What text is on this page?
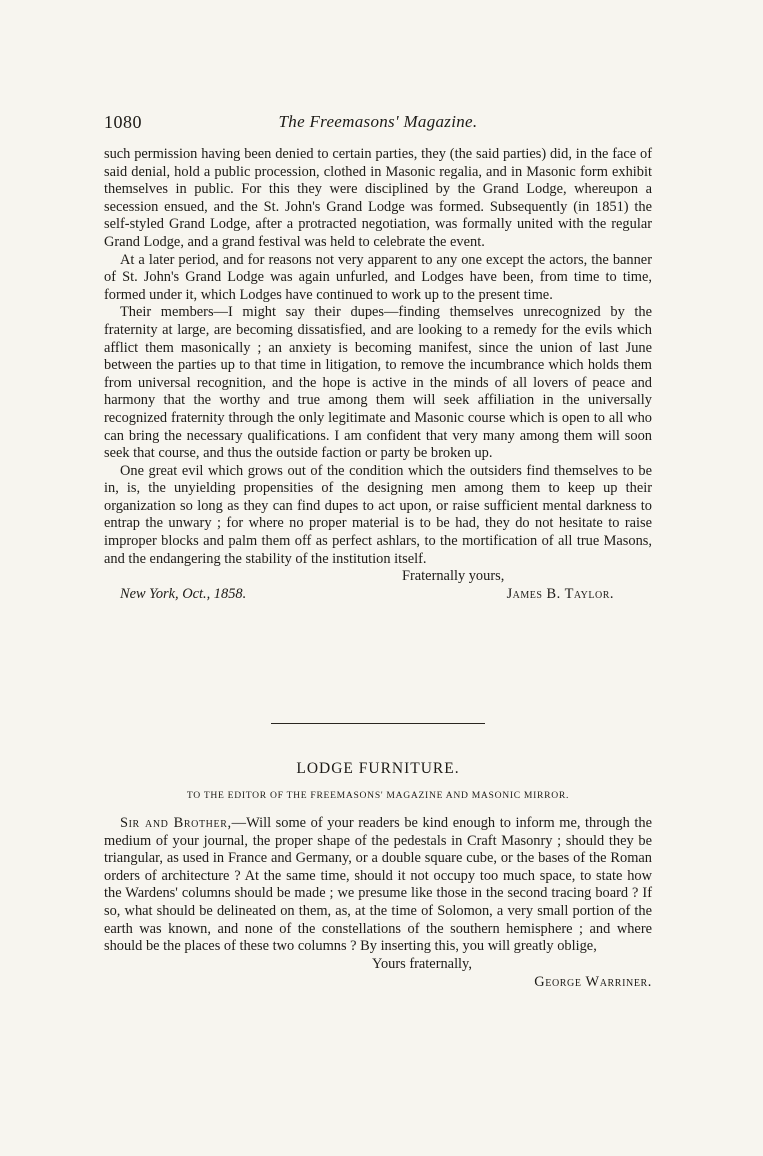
1080	The Freemasons' Magazine.

such permission having been denied to certain parties, they (the said parties) did, in the face of said denial, hold a public procession, clothed in Masonic regalia, and in Masonic form exhibit themselves in public. For this they were disciplined by the Grand Lodge, whereupon a secession ensued, and the St. John's Grand Lodge was formed. Subsequently (in 1851) the self-styled Grand Lodge, after a protracted negotiation, was formally united with the regular Grand Lodge, and a grand festival was held to celebrate the event.

At a later period, and for reasons not very apparent to any one except the actors, the banner of St. John's Grand Lodge was again unfurled, and Lodges have been, from time to time, formed under it, which Lodges have continued to work up to the present time.

Their members—I might say their dupes—finding themselves unrecognized by the fraternity at large, are becoming dissatisfied, and are looking to a remedy for the evils which afflict them masonically ; an anxiety is becoming manifest, since the union of last June between the parties up to that time in litigation, to remove the incumbrance which holds them from universal recognition, and the hope is active in the minds of all lovers of peace and harmony that the worthy and true among them will seek affiliation in the universally recognized fraternity through the only legitimate and Masonic course which is open to all who can bring the necessary qualifications. I am confident that very many among them will soon seek that course, and thus the outside faction or party be broken up.

One great evil which grows out of the condition which the outsiders find themselves to be in, is, the unyielding propensities of the designing men among them to keep up their organization so long as they can find dupes to act upon, or raise sufficient mental darkness to entrap the unwary ; for where no proper material is to be had, they do not hesitate to raise improper blocks and palm them off as perfect ashlars, to the mortification of all true Masons, and the endangering the stability of the institution itself.

Fraternally yours,
New York, Oct., 1858.	James B. Taylor.
LODGE FURNITURE.
TO THE EDITOR OF THE FREEMASONS' MAGAZINE AND MASONIC MIRROR.

Sir and Brother,—Will some of your readers be kind enough to inform me, through the medium of your journal, the proper shape of the pedestals in Craft Masonry ; should they be triangular, as used in France and Germany, or a double square cube, or the bases of the Roman orders of architecture ? At the same time, should it not occupy too much space, to state how the Wardens' columns should be made ; we presume like those in the second tracing board ? If so, what should be delineated on them, as, at the time of Solomon, a very small portion of the earth was known, and none of the constellations of the southern hemisphere ; and where should be the places of these two columns ? By inserting this, you will greatly oblige,

Yours fraternally,
George Warriner.
